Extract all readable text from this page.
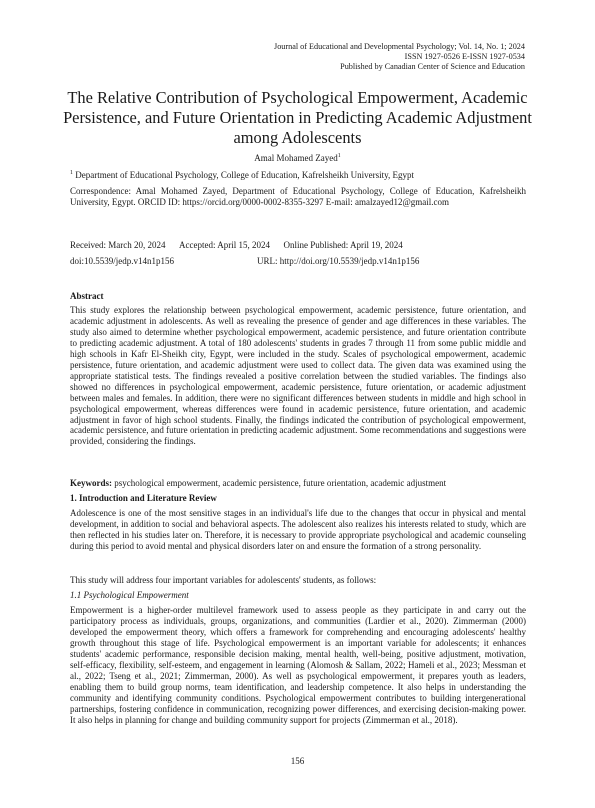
Journal of Educational and Developmental Psychology; Vol. 14, No. 1; 2024
ISSN 1927-0526 E-ISSN 1927-0534
Published by Canadian Center of Science and Education
The Relative Contribution of Psychological Empowerment, Academic Persistence, and Future Orientation in Predicting Academic Adjustment among Adolescents
Amal Mohamed Zayed$^1$
$^1$ Department of Educational Psychology, College of Education, Kafrelsheikh University, Egypt
Correspondence: Amal Mohamed Zayed, Department of Educational Psychology, College of Education, Kafrelsheikh University, Egypt. ORCID ID: https://orcid.org/0000-0002-8355-3297 E-mail: amalzayed12@gmail.com
Received: March 20, 2024 Accepted: April 15, 2024 Online Published: April 19, 2024
doi:10.5539/jedp.v14n1p156	URL: http://doi.org/10.5539/jedp.v14n1p156
Abstract

This study explores the relationship between psychological empowerment, academic persistence, future orientation, and academic adjustment in adolescents. As well as revealing the presence of gender and age differences in these variables. The study also aimed to determine whether psychological empowerment, academic persistence, and future orientation contribute to predicting academic adjustment. A total of 180 adolescents' students in grades 7 through 11 from some public middle and high schools in Kafr El-Sheikh city, Egypt, were included in the study. Scales of psychological empowerment, academic persistence, future orientation, and academic adjustment were used to collect data. The given data was examined using the appropriate statistical tests. The findings revealed a positive correlation between the studied variables. The findings also showed no differences in psychological empowerment, academic persistence, future orientation, or academic adjustment between males and females. In addition, there were no significant differences between students in middle and high school in psychological empowerment, whereas differences were found in academic persistence, future orientation, and academic adjustment in favor of high school students. Finally, the findings indicated the contribution of psychological empowerment, academic persistence, and future orientation in predicting academic adjustment. Some recommendations and suggestions were provided, considering the findings.

Keywords: psychological empowerment, academic persistence, future orientation, academic adjustment
1. Introduction and Literature Review

Adolescence is one of the most sensitive stages in an individual's life due to the changes that occur in physical and mental development, in addition to social and behavioral aspects. The adolescent also realizes his interests related to study, which are then reflected in his studies later on. Therefore, it is necessary to provide appropriate psychological and academic counseling during this period to avoid mental and physical disorders later on and ensure the formation of a strong personality.

This study will address four important variables for adolescents' students, as follows:

1.1 Psychological Empowerment

Empowerment is a higher-order multilevel framework used to assess people as they participate in and carry out the participatory process as individuals, groups, organizations, and communities (Lardier et al., 2020). Zimmerman (2000) developed the empowerment theory, which offers a framework for comprehending and encouraging adolescents' healthy growth throughout this stage of life. Psychological empowerment is an important variable for adolescents; it enhances students' academic performance, responsible decision making, mental health, well-being, positive adjustment, motivation, self-efficacy, flexibility, self-esteem, and engagement in learning (Alomosh & Sallam, 2022; Hameli et al., 2023; Messman et al., 2022; Tseng et al., 2021; Zimmerman, 2000). As well as psychological empowerment, it prepares youth as leaders, enabling them to build group norms, team identification, and leadership competence. It also helps in understanding the community and identifying community conditions. Psychological empowerment contributes to building intergenerational partnerships, fostering confidence in communication, recognizing power differences, and exercising decision-making power. It also helps in planning for change and building community support for projects (Zimmerman et al., 2018).

156
